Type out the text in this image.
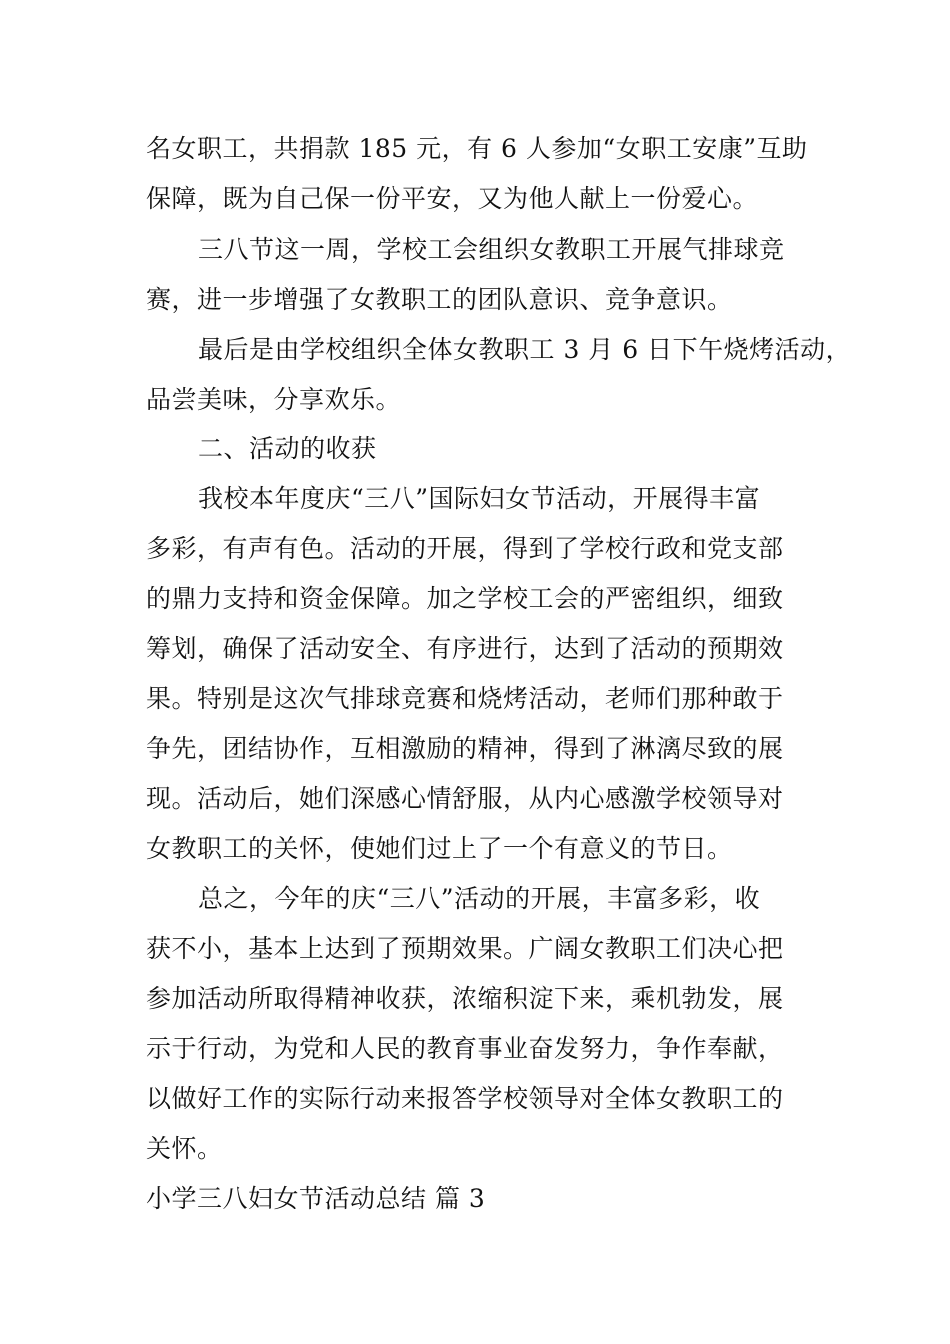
名女职工，共捐款 185 元，有 6 人参加“女职工安康”互助
保障，既为自己保一份平安，又为他人献上一份爱心。
三八节这一周，学校工会组织女教职工开展气排球竞
赛，进一步增强了女教职工的团队意识、竞争意识。
最后是由学校组织全体女教职工 3 月 6 日下午烧烤活动，
品尝美味，分享欢乐。
二、活动的收获
我校本年度庆“三八”国际妇女节活动，开展得丰富
多彩，有声有色。活动的开展，得到了学校行政和党支部
的鼎力支持和资金保障。加之学校工会的严密组织，细致
筹划，确保了活动安全、有序进行，达到了活动的预期效
果。特别是这次气排球竞赛和烧烤活动，老师们那种敢于
争先，团结协作，互相激励的精神，得到了淋漓尽致的展
现。活动后，她们深感心情舒服，从内心感激学校领导对
女教职工的关怀，使她们过上了一个有意义的节日。
总之，今年的庆“三八”活动的开展，丰富多彩，收
获不小，基本上达到了预期效果。广阔女教职工们决心把
参加活动所取得精神收获，浓缩积淀下来，乘机勃发，展
示于行动，为党和人民的教育事业奋发努力，争作奉献，
以做好工作的实际行动来报答学校领导对全体女教职工的
关怀。
小学三八妇女节活动总结 篇 3
